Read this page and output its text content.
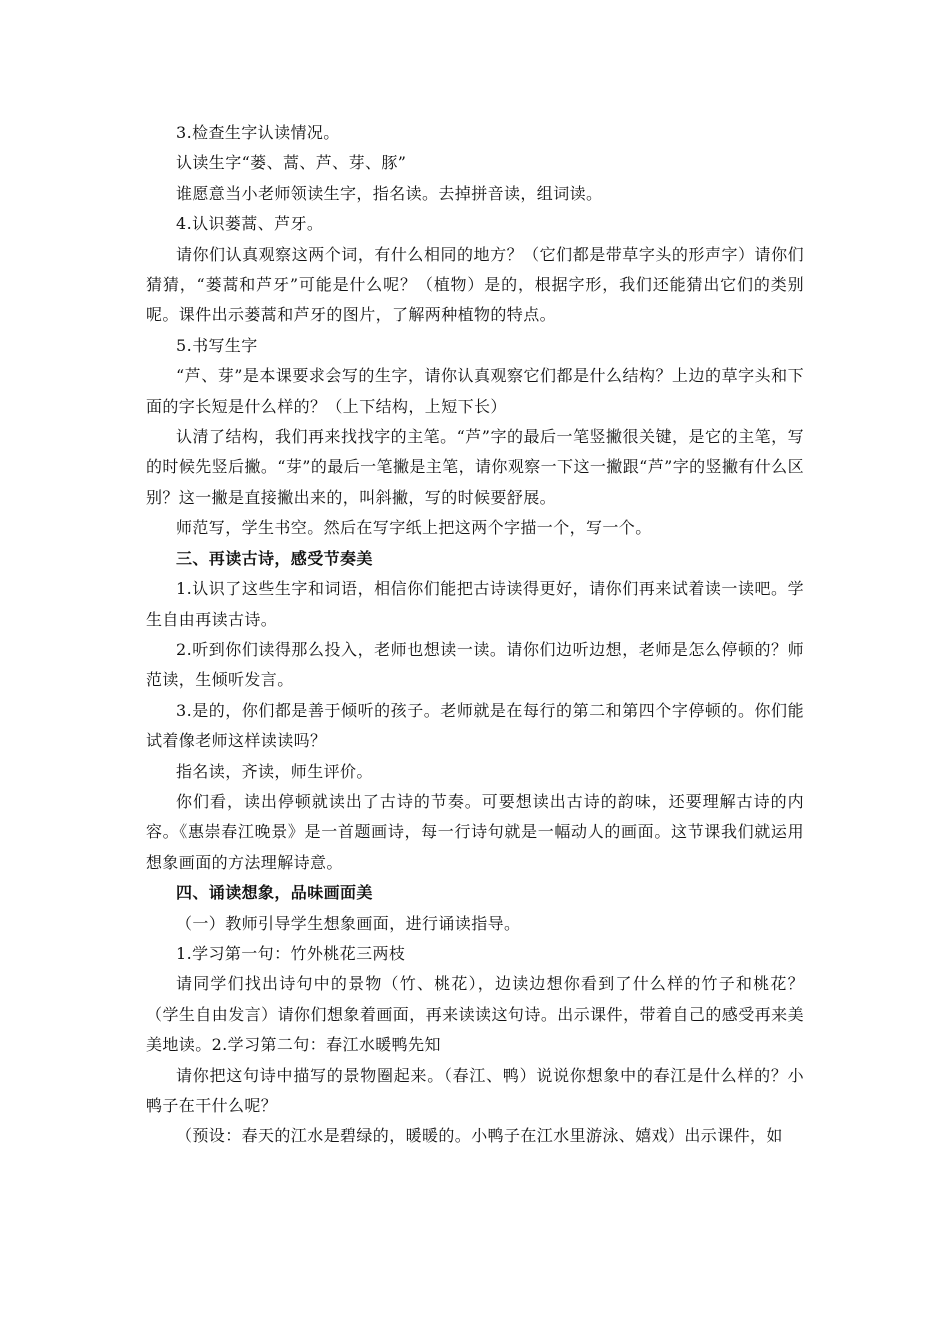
3.检查生字认读情况。

认读生字“蒌、蒿、芦、芽、豚”

谁愿意当小老师领读生字，指名读。去掉拼音读，组词读。

4.认识蒌蒿、芦牙。

请你们认真观察这两个词，有什么相同的地方？（它们都是带草字头的形声字）请你们猜猜，“蒌蒿和芦牙”可能是什么呢？（植物）是的，根据字形，我们还能猜出它们的类别呢。课件出示蒌蒿和芦牙的图片，了解两种植物的特点。

5.书写生字

“芦、芽”是本课要求会写的生字，请你认真观察它们都是什么结构？上边的草字头和下面的字长短是什么样的？（上下结构，上短下长）

认清了结构，我们再来找找字的主笔。“芦”字的最后一笔竖撇很关键，是它的主笔，写的时候先竖后撇。“芽”的最后一笔撇是主笔，请你观察一下这一撇跟“芦”字的竖撇有什么区别？这一撇是直接撇出来的，叫斜撇，写的时候要舒展。

师范写，学生书空。然后在写字纸上把这两个字描一个，写一个。

三、再读古诗，感受节奏美

1.认识了这些生字和词语，相信你们能把古诗读得更好，请你们再来试着读一读吧。学生自由再读古诗。

2.听到你们读得那么投入，老师也想读一读。请你们边听边想，老师是怎么停顿的？师范读，生倾听发言。

3.是的，你们都是善于倾听的孩子。老师就是在每行的第二和第四个字停顿的。你们能试着像老师这样读读吗？

指名读，齐读，师生评价。

你们看，读出停顿就读出了古诗的节奏。可要想读出古诗的韵味，还要理解古诗的内容。《惠崇春江晚景》是一首题画诗，每一行诗句就是一幅动人的画面。这节课我们就运用想象画面的方法理解诗意。

四、诵读想象，品味画面美

（一）教师引导学生想象画面，进行诵读指导。

1.学习第一句：竹外桃花三两枝

请同学们找出诗句中的景物（竹、桃花），边读边想你看到了什么样的竹子和桃花？（学生自由发言）请你们想象着画面，再来读读这句诗。出示课件，带着自己的感受再来美美地读。2.学习第二句：春江水暖鸭先知

请你把这句诗中描写的景物圈起来。（春江、鸭）说说你想象中的春江是什么样的？小鸭子在干什么呢？

（预设：春天的江水是碧绿的，暖暖的。小鸭子在江水里游泳、嬉戏）出示课件，如
